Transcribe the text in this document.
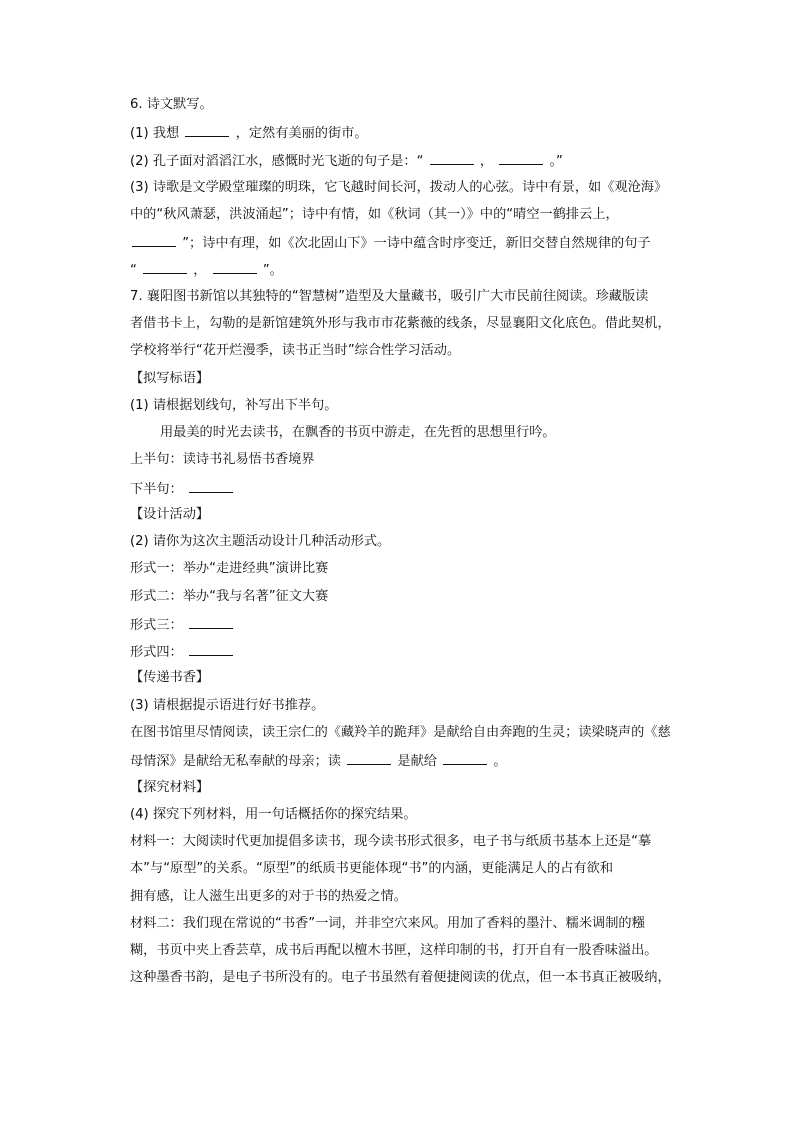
6. 诗文默写。
(1) 我想	，定然有美丽的街市。
(2) 孔子面对滔滔江水，感慨时光飞逝的句子是：“	，	。”
(3) 诗歌是文学殿堂璀璨的明珠，它飞越时间长河，拨动人的心弦。诗中有景，如《观沧海》
中的“秋风萧瑟，洪波涌起”；诗中有情，如《秋词（其一）》中的“晴空一鹤排云上，
”；诗中有理，如《次北固山下》一诗中蕴含时序变迁，新旧交替自然规律的句子
“	，	”。
7. 襄阳图书新馆以其独特的“智慧树”造型及大量藏书，吸引广大市民前往阅读。珍藏版读
者借书卡上，勾勒的是新馆建筑外形与我市市花紫薇的线条，尽显襄阳文化底色。借此契机，
学校将举行“花开烂漫季，读书正当时”综合性学习活动。
【拟写标语】
(1) 请根据划线句，补写出下半句。
用最美的时光去读书，在飘香的书页中游走，在先哲的思想里行吟。
上半句：读诗书礼易悟书香境界
下半句：
【设计活动】
(2) 请你为这次主题活动设计几种活动形式。
形式一：举办“走进经典”演讲比赛
形式二：举办“我与名著”征文大赛
形式三：
形式四：
【传递书香】
(3) 请根据提示语进行好书推荐。
在图书馆里尽情阅读，读王宗仁的《藏羚羊的跪拜》是献给自由奔跑的生灵；读梁晓声的《慈
母情深》是献给无私奉献的母亲；读	是献给	。
【探究材料】
(4) 探究下列材料，用一句话概括你的探究结果。
材料一：大阅读时代更加提倡多读书，现今读书形式很多，电子书与纸质书基本上还是“摹
本”与“原型”的关系。“原型”的纸质书更能体现“书”的内涵，更能满足人的占有欲和
拥有感，让人滋生出更多的对于书的热爱之情。
材料二：我们现在常说的“书香”一词，并非空穴来风。用加了香料的墨汁、糯米调制的糨
糊，书页中夹上香芸草，成书后再配以檀木书匣，这样印制的书，打开自有一股香味溢出。
这种墨香书韵，是电子书所没有的。电子书虽然有着便捷阅读的优点，但一本书真正被吸纳，
